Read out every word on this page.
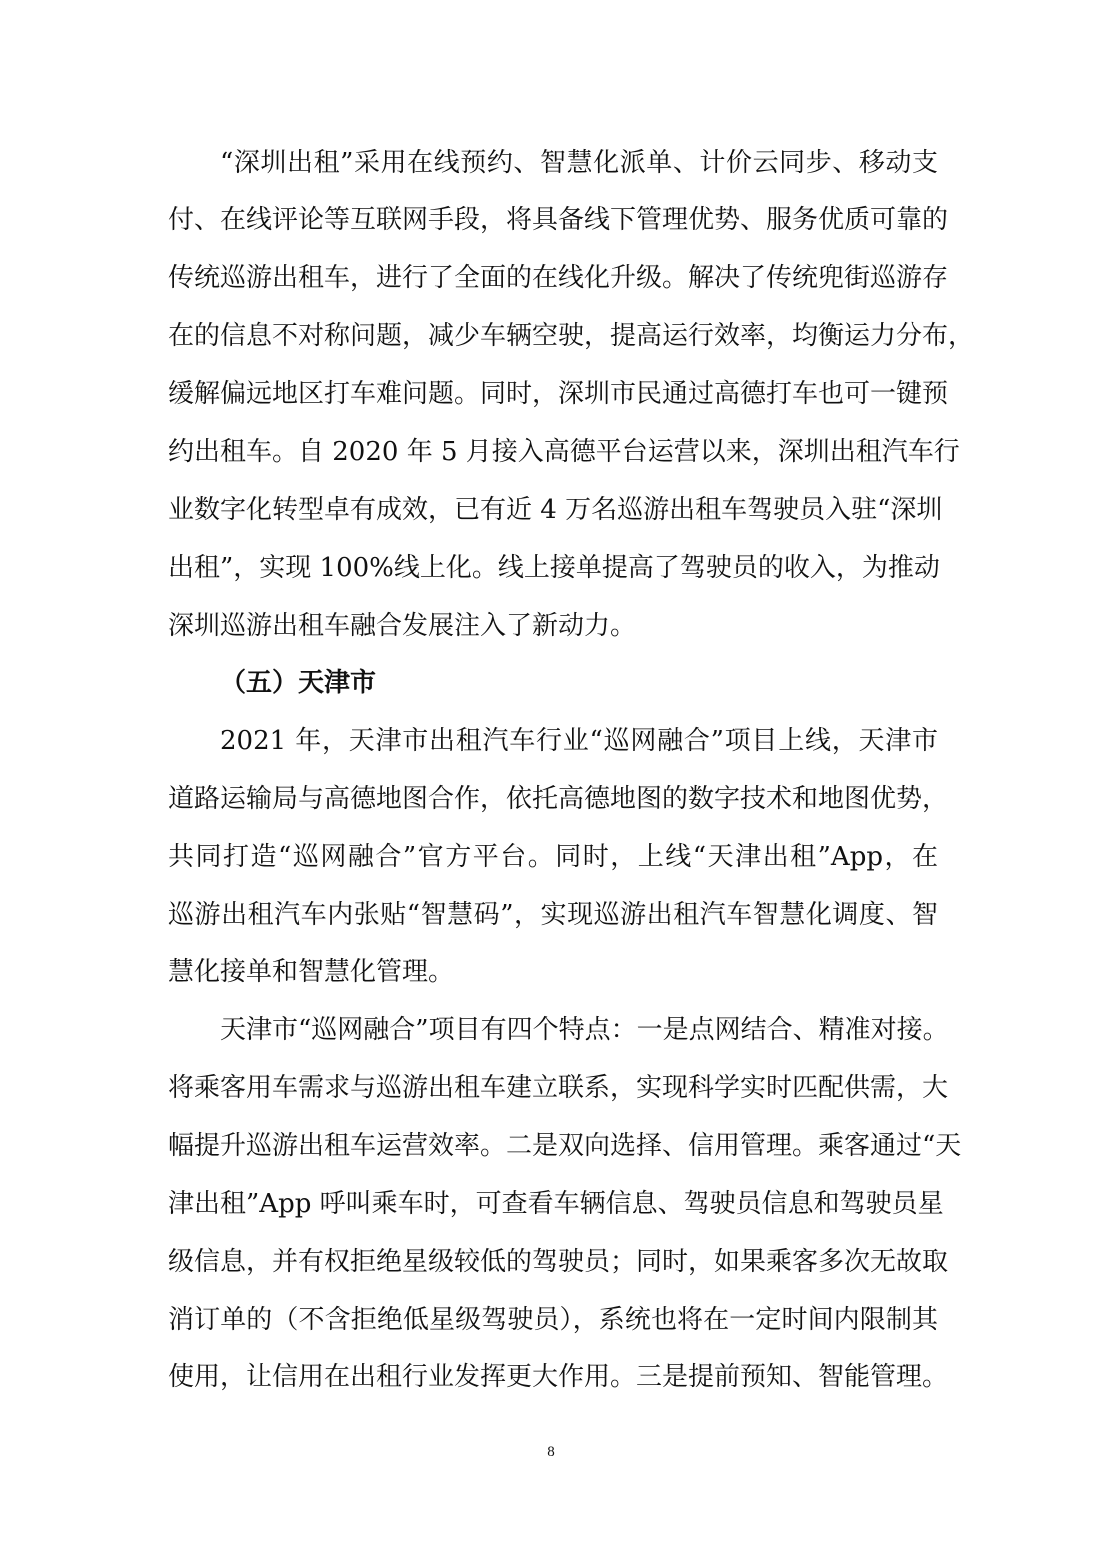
“深圳出租”采用在线预约、智慧化派单、计价云同步、移动支
付、在线评论等互联网手段，将具备线下管理优势、服务优质可靠的
传统巡游出租车，进行了全面的在线化升级。解决了传统兜街巡游存
在的信息不对称问题，减少车辆空驶，提高运行效率，均衡运力分布，
缓解偏远地区打车难问题。同时，深圳市民通过高德打车也可一键预
约出租车。自 2020 年 5 月接入高德平台运营以来，深圳出租汽车行
业数字化转型卓有成效，已有近 4 万名巡游出租车驾驶员入驻“深圳
出租”，实现 100%线上化。线上接单提高了驾驶员的收入，为推动
深圳巡游出租车融合发展注入了新动力。
（五）天津市
2021 年，天津市出租汽车行业“巡网融合”项目上线，天津市
道路运输局与高德地图合作，依托高德地图的数字技术和地图优势，
共同打造“巡网融合”官方平台。同时，上线“天津出租”App，在
巡游出租汽车内张贴“智慧码”，实现巡游出租汽车智慧化调度、智
慧化接单和智慧化管理。
天津市“巡网融合”项目有四个特点：一是点网结合、精准对接。
将乘客用车需求与巡游出租车建立联系，实现科学实时匹配供需，大
幅提升巡游出租车运营效率。二是双向选择、信用管理。乘客通过“天
津出租”App 呼叫乘车时，可查看车辆信息、驾驶员信息和驾驶员星
级信息，并有权拒绝星级较低的驾驶员；同时，如果乘客多次无故取
消订单的（不含拒绝低星级驾驶员），系统也将在一定时间内限制其
使用，让信用在出租行业发挥更大作用。三是提前预知、智能管理。
8
